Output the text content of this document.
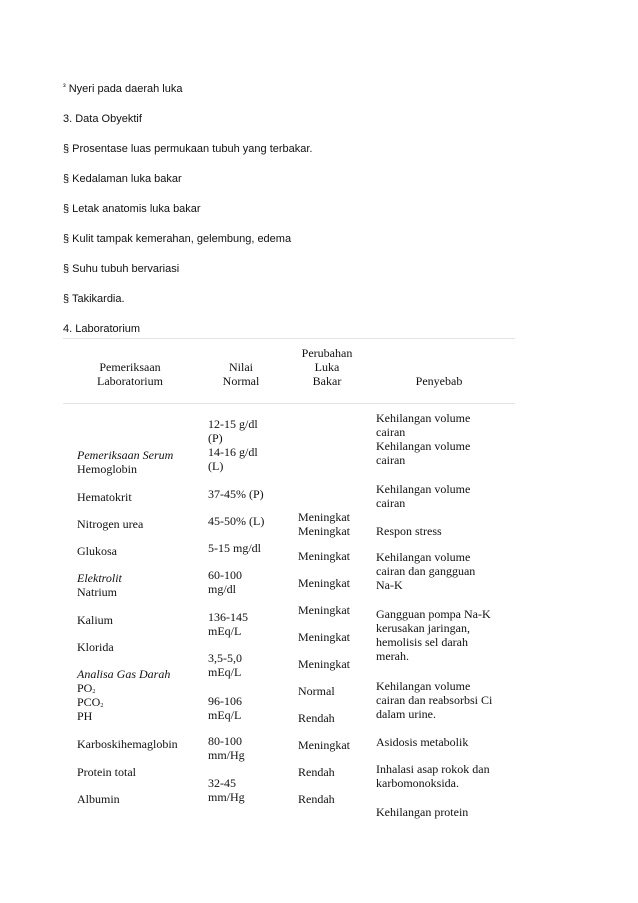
$^{^3}$ Nyeri pada daerah luka
3. Data Obyektif
§ Prosentase luas permukaan tubuh yang terbakar.
§ Kedalaman luka bakar
§ Letak anatomis luka bakar
§ Kulit tampak kemerahan, gelembung, edema
§ Suhu tubuh bervariasi
§ Takikardia.
4. Laboratorium
Pemeriksaan
Laboratorium
Nilai
Normal
Perubahan
Luka
Bakar	Penyebab
Pemeriksaan Serum
Hemoglobin
Hematokrit
Nitrogen urea
Glukosa
Elektrolit
Natrium
Kalium
Klorida
Analisa Gas Darah
$PO_2$
$PCO_2$
PH
Karboskihemaglobin
Protein total
Albumin
12-15 g/dl
(P)
14-16 g/dl
(L)
37-45% (P)
45-50% (L)
5-15 mg/dl
60-100
mg/dl
136-145
mEq/L
3,5-5,0
mEq/L
96-106
mEq/L
80-100
mm/Hg
32-45
mm/Hg
Meningkat
Meningkat
Meningkat
Meningkat
Meningkat
Meningkat
Meningkat
Normal
Rendah
Meningkat
Rendah
Rendah
Kehilangan volume
cairan
Kehilangan volume
cairan
Kehilangan volume
cairan
Respon stress
Kehilangan volume
cairan dan gangguan
Na-K
Gangguan pompa Na-K
kerusakan jaringan,
hemolisis sel darah
merah.
Kehilangan volume
cairan dan reabsorbsi Ci
dalam urine.
Asidosis metabolik
Inhalasi asap rokok dan
karbomonoksida.
Kehilangan protein
